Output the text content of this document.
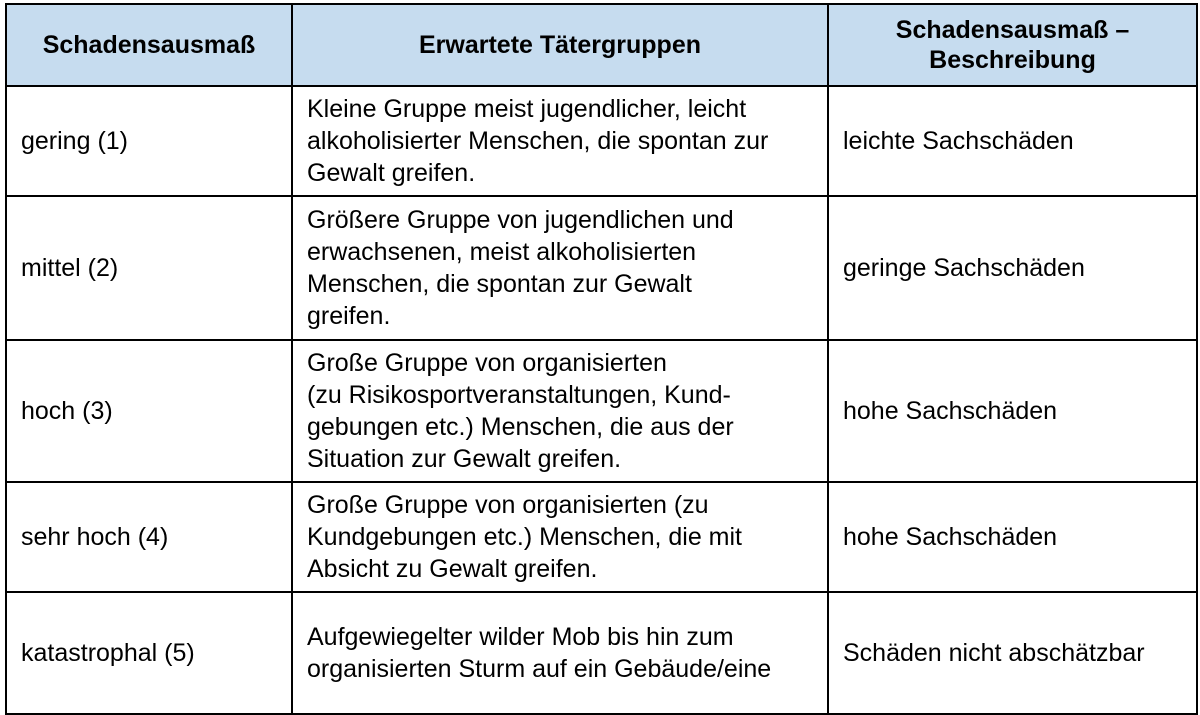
Schadensausmaß	Erwartete Tätergruppen	Schadensausmaß –
Beschreibung

gering (1)	Kleine Gruppe meist jugendlicher, leicht
alkoholisierter Menschen, die spontan zur
Gewalt greifen.	leichte Sachschäden
mittel (2)	Größere Gruppe von jugendlichen und
erwachsenen, meist alkoholisierten
Menschen, die spontan zur Gewalt
greifen.	geringe Sachschäden
hoch (3)	Große Gruppe von organisierten
(zu Risikosportveranstaltungen, Kund-
gebungen etc.) Menschen, die aus der
Situation zur Gewalt greifen.	hohe Sachschäden
sehr hoch (4)	Große Gruppe von organisierten (zu
Kundgebungen etc.) Menschen, die mit
Absicht zu Gewalt greifen.	hohe Sachschäden
katastrophal (5)	Aufgewiegelter wilder Mob bis hin zum
organisierten Sturm auf ein Gebäude/eine	Schäden nicht abschätzbar
